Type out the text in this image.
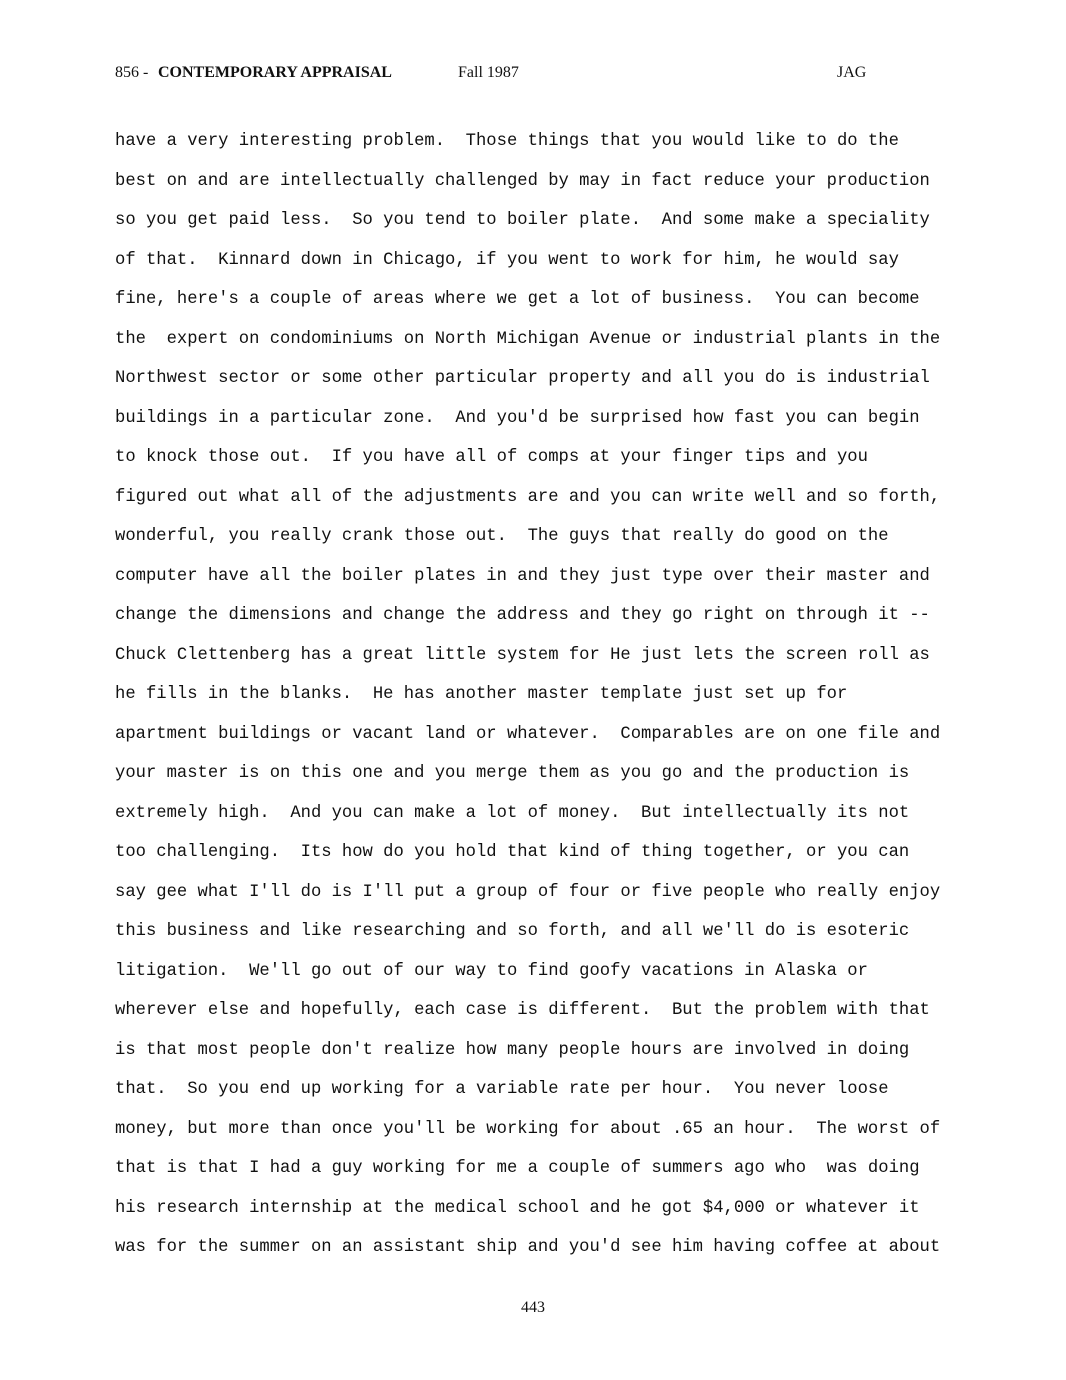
856 - CONTEMPORARY APPRAISAL	Fall 1987	JAG
have a very interesting problem.  Those things that you would like to do the
best on and are intellectually challenged by may in fact reduce your production
so you get paid less.  So you tend to boiler plate.  And some make a speciality
of that.  Kinnard down in Chicago, if you went to work for him, he would say
fine, here's a couple of areas where we get a lot of business.  You can become
the  expert on condominiums on North Michigan Avenue or industrial plants in the
Northwest sector or some other particular property and all you do is industrial
buildings in a particular zone.  And you'd be surprised how fast you can begin
to knock those out.  If you have all of comps at your finger tips and you
figured out what all of the adjustments are and you can write well and so forth,
wonderful, you really crank those out.  The guys that really do good on the
computer have all the boiler plates in and they just type over their master and
change the dimensions and change the address and they go right on through it --
Chuck Clettenberg has a great little system for He just lets the screen roll as
he fills in the blanks.  He has another master template just set up for
apartment buildings or vacant land or whatever.  Comparables are on one file and
your master is on this one and you merge them as you go and the production is
extremely high.  And you can make a lot of money.  But intellectually its not
too challenging.  Its how do you hold that kind of thing together, or you can
say gee what I'll do is I'll put a group of four or five people who really enjoy
this business and like researching and so forth, and all we'll do is esoteric
litigation.  We'll go out of our way to find goofy vacations in Alaska or
wherever else and hopefully, each case is different.  But the problem with that
is that most people don't realize how many people hours are involved in doing
that.  So you end up working for a variable rate per hour.  You never loose
money, but more than once you'll be working for about .65 an hour.  The worst of
that is that I had a guy working for me a couple of summers ago who  was doing
his research internship at the medical school and he got $4,000 or whatever it
was for the summer on an assistant ship and you'd see him having coffee at about
443
